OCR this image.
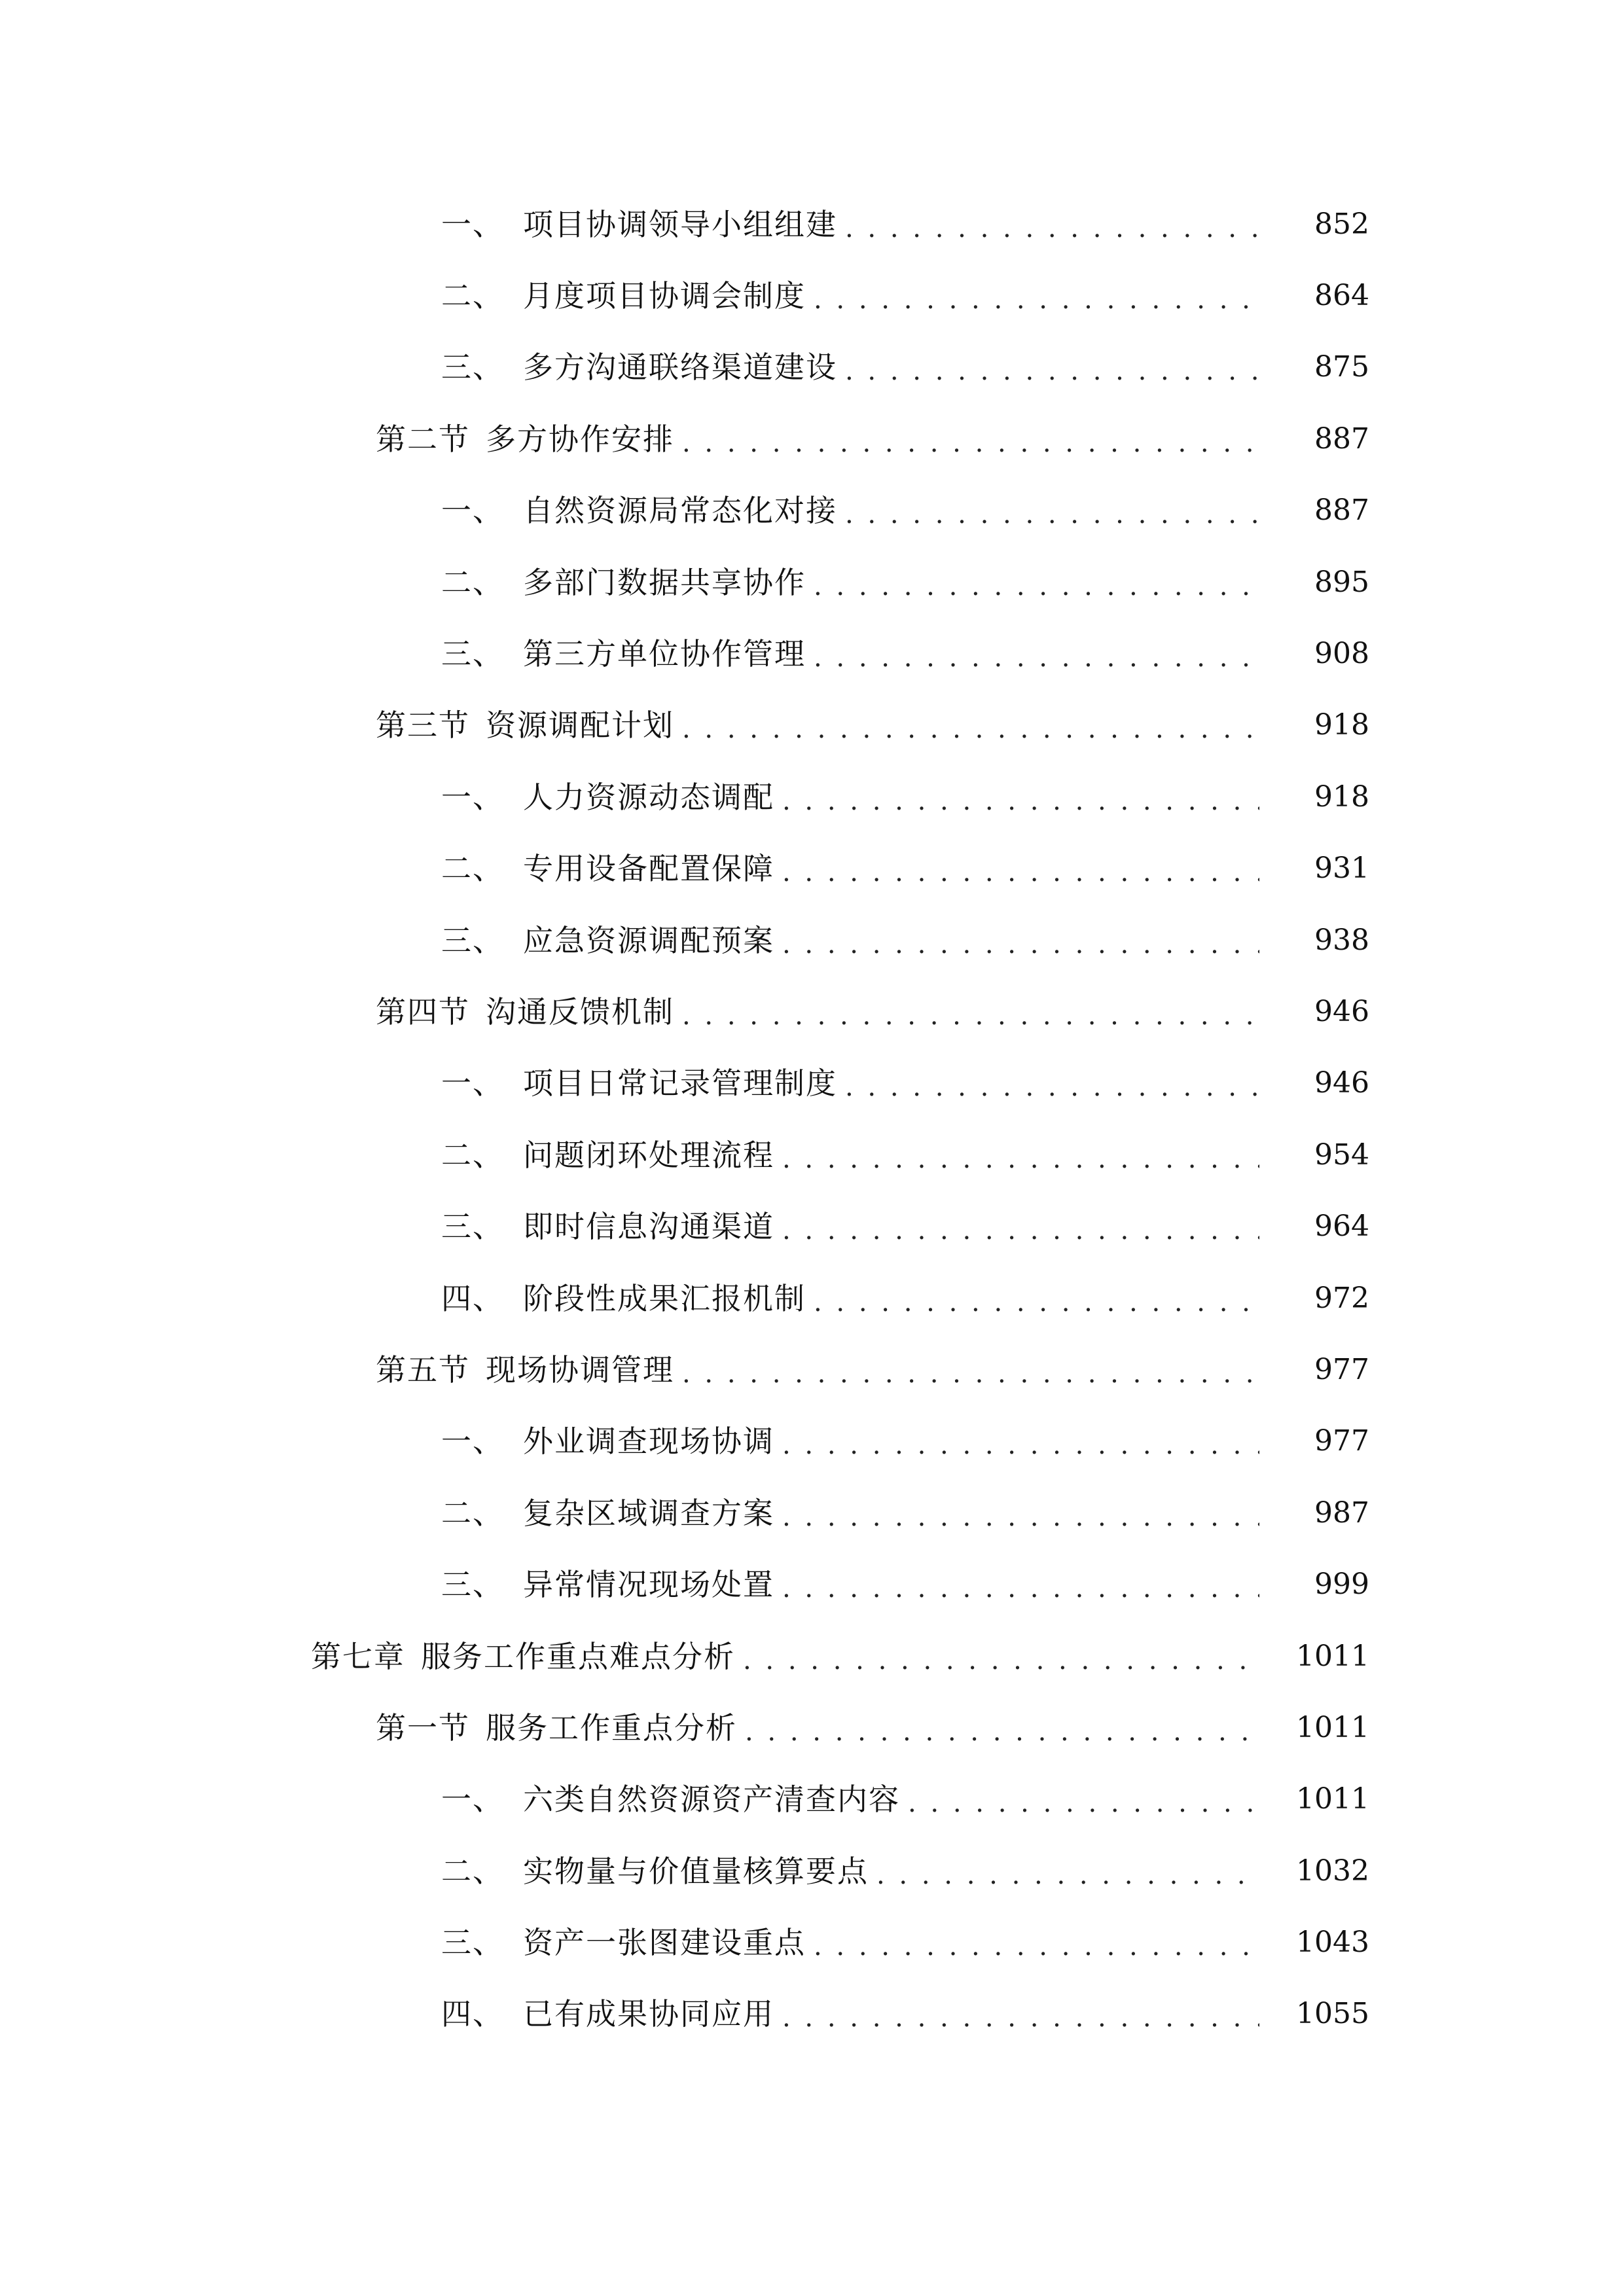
一、 项目协调领导小组组建 . . .	852
二、 月度项目协调会制度 . . .	864
三、 多方沟通联络渠道建设 . . .	875
第二节 多方协作安排 . . .	887
一、 自然资源局常态化对接 . . .	887
二、 多部门数据共享协作 . . .	895
三、 第三方单位协作管理 . . .	908
第三节 资源调配计划 . . .	918
一、 人力资源动态调配 . . .	918
二、 专用设备配置保障 . . .	931
三、 应急资源调配预案 . . .	938
第四节 沟通反馈机制 . . .	946
一、 项目日常记录管理制度 . . .	946
二、 问题闭环处理流程 . . .	954
三、 即时信息沟通渠道 . . .	964
四、 阶段性成果汇报机制 . . .	972
第五节 现场协调管理 . . .	977
一、 外业调查现场协调 . . .	977
二、 复杂区域调查方案 . . .	987
三、 异常情况现场处置 . . .	999
第七章 服务工作重点难点分析 . . .	1011
第一节 服务工作重点分析 . . .	1011
一、 六类自然资源资产清查内容 . . .	1011
二、 实物量与价值量核算要点 . . .	1032
三、 资产一张图建设重点 . . .	1043
四、 已有成果协同应用 . . .	1055
